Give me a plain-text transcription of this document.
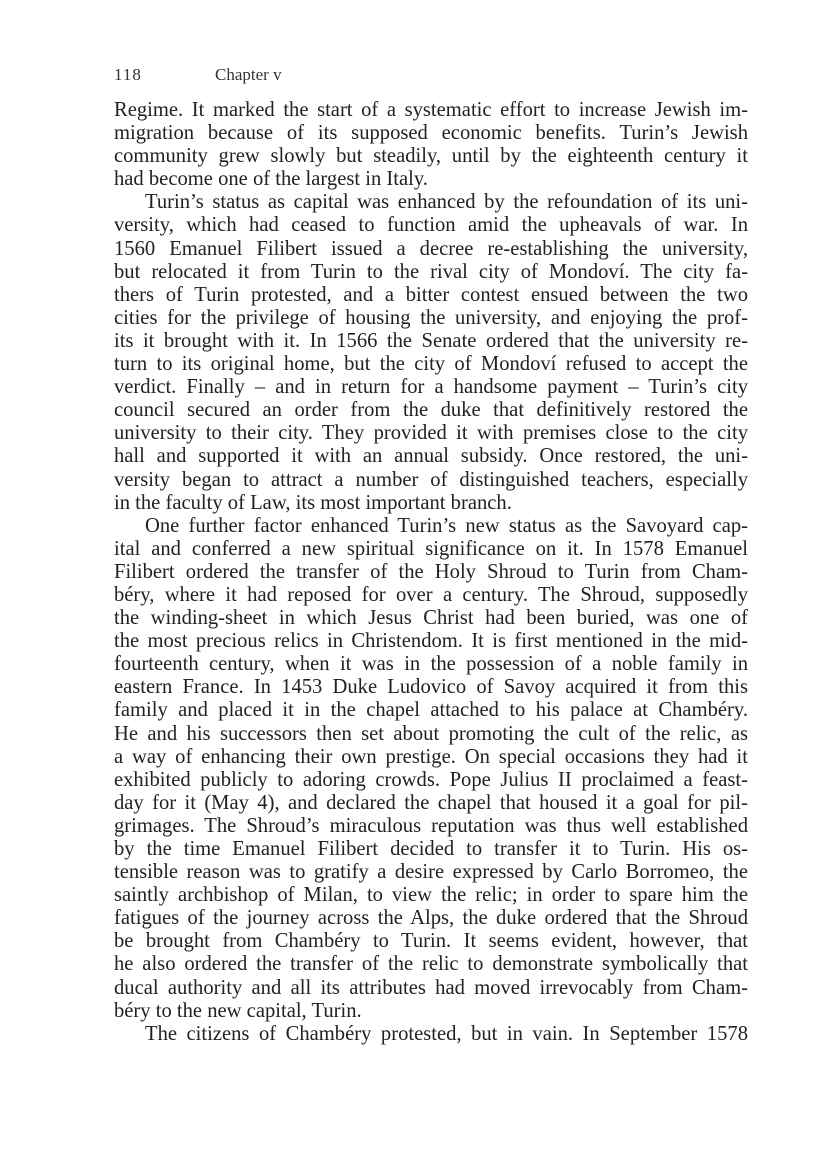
118	Chapter v
Regime. It marked the start of a systematic effort to increase Jewish im-
migration because of its supposed economic benefits. Turin’s Jewish
community grew slowly but steadily, until by the eighteenth century it
had become one of the largest in Italy.
Turin’s status as capital was enhanced by the refoundation of its uni-
versity, which had ceased to function amid the upheavals of war. In
1560 Emanuel Filibert issued a decree re-establishing the university,
but relocated it from Turin to the rival city of Mondoví. The city fa-
thers of Turin protested, and a bitter contest ensued between the two
cities for the privilege of housing the university, and enjoying the prof-
its it brought with it. In 1566 the Senate ordered that the university re-
turn to its original home, but the city of Mondoví refused to accept the
verdict. Finally – and in return for a handsome payment – Turin’s city
council secured an order from the duke that definitively restored the
university to their city. They provided it with premises close to the city
hall and supported it with an annual subsidy. Once restored, the uni-
versity began to attract a number of distinguished teachers, especially
in the faculty of Law, its most important branch.
One further factor enhanced Turin’s new status as the Savoyard cap-
ital and conferred a new spiritual significance on it. In 1578 Emanuel
Filibert ordered the transfer of the Holy Shroud to Turin from Cham-
béry, where it had reposed for over a century. The Shroud, supposedly
the winding-sheet in which Jesus Christ had been buried, was one of
the most precious relics in Christendom. It is first mentioned in the mid-
fourteenth century, when it was in the possession of a noble family in
eastern France. In 1453 Duke Ludovico of Savoy acquired it from this
family and placed it in the chapel attached to his palace at Chambéry.
He and his successors then set about promoting the cult of the relic, as
a way of enhancing their own prestige. On special occasions they had it
exhibited publicly to adoring crowds. Pope Julius II proclaimed a feast-
day for it (May 4), and declared the chapel that housed it a goal for pil-
grimages. The Shroud’s miraculous reputation was thus well established
by the time Emanuel Filibert decided to transfer it to Turin. His os-
tensible reason was to gratify a desire expressed by Carlo Borromeo, the
saintly archbishop of Milan, to view the relic; in order to spare him the
fatigues of the journey across the Alps, the duke ordered that the Shroud
be brought from Chambéry to Turin. It seems evident, however, that
he also ordered the transfer of the relic to demonstrate symbolically that
ducal authority and all its attributes had moved irrevocably from Cham-
béry to the new capital, Turin.
The citizens of Chambéry protested, but in vain. In September 1578
